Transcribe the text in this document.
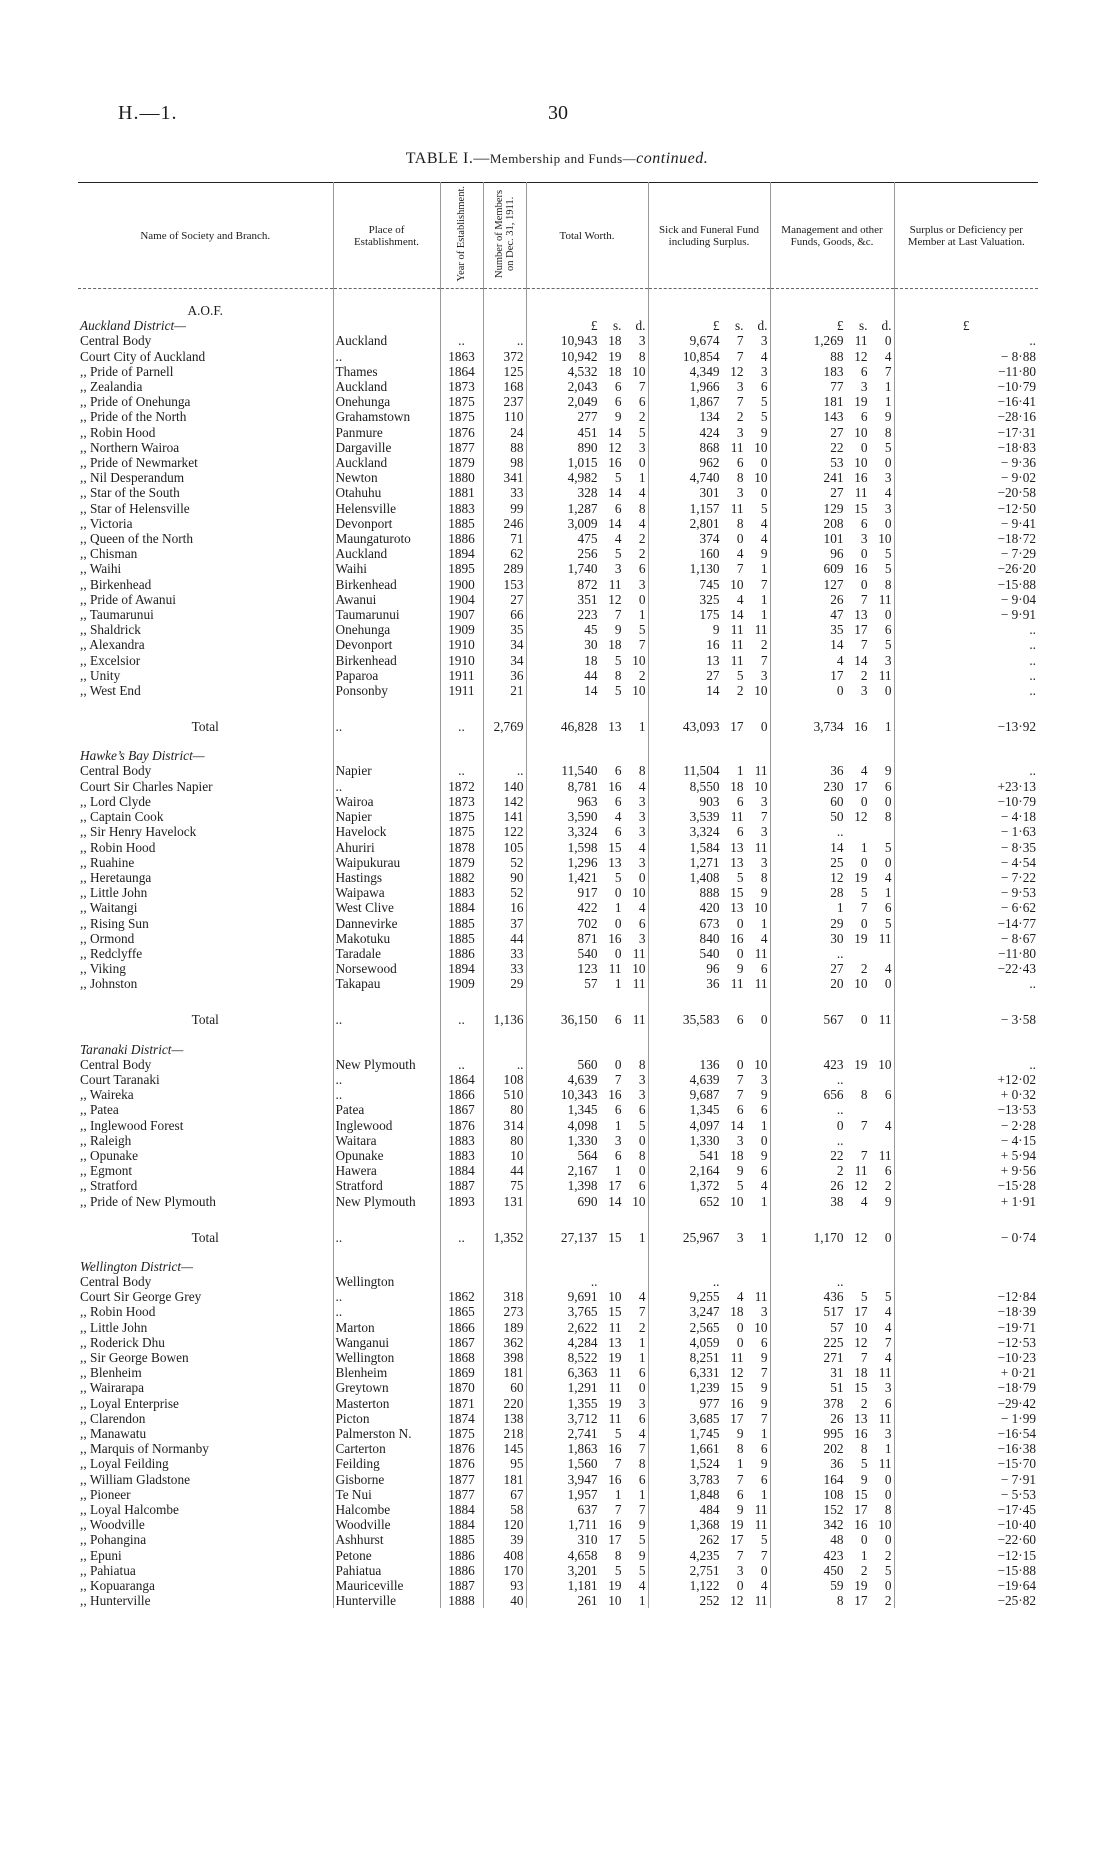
H.—1.	30
TABLE I.—Membership and Funds—continued.
Name of Society and Branch.	Place of Establishment.	Year of Establishment.	Number of Members on Dec. 31, 1911.	Total Worth.	Sick and Funeral Fund including Surplus.	Management and other Funds, Goods, &c.	Surplus or Deficiency per Member at Last Valuation.

A.O.F.							
Auckland District—				£ s. d.	£ s. d.	£ s. d.	£
Central Body	Auckland	..	..	10,943 18 3	9,674 7 3	1,269 11 0	..
Court City of Auckland	..	1863	372	10,942 19 8	10,854 7 4	88 12 4	− 8·88
,, Pride of Parnell	Thames	1864	125	4,532 18 10	4,349 12 3	183 6 7	−11·80
,, Zealandia	Auckland	1873	168	2,043 6 7	1,966 3 6	77 3 1	−10·79
,, Pride of Onehunga	Onehunga	1875	237	2,049 6 6	1,867 7 5	181 19 1	−16·41
,, Pride of the North	Grahamstown	1875	110	277 9 2	134 2 5	143 6 9	−28·16
,, Robin Hood	Panmure	1876	24	451 14 5	424 3 9	27 10 8	−17·31
,, Northern Wairoa	Dargaville	1877	88	890 12 3	868 11 10	22 0 5	−18·83
,, Pride of Newmarket	Auckland	1879	98	1,015 16 0	962 6 0	53 10 0	− 9·36
,, Nil Desperandum	Newton	1880	341	4,982 5 1	4,740 8 10	241 16 3	− 9·02
,, Star of the South	Otahuhu	1881	33	328 14 4	301 3 0	27 11 4	−20·58
,, Star of Helensville	Helensville	1883	99	1,287 6 8	1,157 11 5	129 15 3	−12·50
,, Victoria	Devonport	1885	246	3,009 14 4	2,801 8 4	208 6 0	− 9·41
,, Queen of the North	Maungaturoto	1886	71	475 4 2	374 0 4	101 3 10	−18·72
,, Chisman	Auckland	1894	62	256 5 2	160 4 9	96 0 5	− 7·29
,, Waihi	Waihi	1895	289	1,740 3 6	1,130 7 1	609 16 5	−26·20
,, Birkenhead	Birkenhead	1900	153	872 11 3	745 10 7	127 0 8	−15·88
,, Pride of Awanui	Awanui	1904	27	351 12 0	325 4 1	26 7 11	− 9·04
,, Taumarunui	Taumarunui	1907	66	223 7 1	175 14 1	47 13 0	− 9·91
,, Shaldrick	Onehunga	1909	35	45 9 5	9 11 11	35 17 6	..
,, Alexandra	Devonport	1910	34	30 18 7	16 11 2	14 7 5	..
,, Excelsior	Birkenhead	1910	34	18 5 10	13 11 7	4 14 3	..
,, Unity	Paparoa	1911	36	44 8 2	27 5 3	17 2 11	..
,, West End	Ponsonby	1911	21	14 5 10	14 2 10	0 3 0	..

Total	..	..	2,769	46,828 13 1	43,093 17 0	3,734 16 1	−13·92

Hawke’s Bay District—							
Central Body	Napier	..	..	11,540 6 8	11,504 1 11	36 4 9	..
Court Sir Charles Napier	..	1872	140	8,781 16 4	8,550 18 10	230 17 6	+23·13
,, Lord Clyde	Wairoa	1873	142	963 6 3	903 6 3	60 0 0	−10·79
,, Captain Cook	Napier	1875	141	3,590 4 3	3,539 11 7	50 12 8	− 4·18
,, Sir Henry Havelock	Havelock	1875	122	3,324 6 3	3,324 6 3	..	− 1·63
,, Robin Hood	Ahuriri	1878	105	1,598 15 4	1,584 13 11	14 1 5	− 8·35
,, Ruahine	Waipukurau	1879	52	1,296 13 3	1,271 13 3	25 0 0	− 4·54
,, Heretaunga	Hastings	1882	90	1,421 5 0	1,408 5 8	12 19 4	− 7·22
,, Little John	Waipawa	1883	52	917 0 10	888 15 9	28 5 1	− 9·53
,, Waitangi	West Clive	1884	16	422 1 4	420 13 10	1 7 6	− 6·62
,, Rising Sun	Dannevirke	1885	37	702 0 6	673 0 1	29 0 5	−14·77
,, Ormond	Makotuku	1885	44	871 16 3	840 16 4	30 19 11	− 8·67
,, Redclyffe	Taradale	1886	33	540 0 11	540 0 11	..	−11·80
,, Viking	Norsewood	1894	33	123 11 10	96 9 6	27 2 4	−22·43
,, Johnston	Takapau	1909	29	57 1 11	36 11 11	20 10 0	..

Total	..	..	1,136	36,150 6 11	35,583 6 0	567 0 11	− 3·58

Taranaki District—							
Central Body	New Plymouth	..	..	560 0 8	136 0 10	423 19 10	..
Court Taranaki	..	1864	108	4,639 7 3	4,639 7 3	..	+12·02
,, Waireka	..	1866	510	10,343 16 3	9,687 7 9	656 8 6	+ 0·32
,, Patea	Patea	1867	80	1,345 6 6	1,345 6 6	..	−13·53
,, Inglewood Forest	Inglewood	1876	314	4,098 1 5	4,097 14 1	0 7 4	− 2·28
,, Raleigh	Waitara	1883	80	1,330 3 0	1,330 3 0	..	− 4·15
,, Opunake	Opunake	1883	10	564 6 8	541 18 9	22 7 11	+ 5·94
,, Egmont	Hawera	1884	44	2,167 1 0	2,164 9 6	2 11 6	+ 9·56
,, Stratford	Stratford	1887	75	1,398 17 6	1,372 5 4	26 12 2	−15·28
,, Pride of New Plymouth	New Plymouth	1893	131	690 14 10	652 10 1	38 4 9	+ 1·91

Total	..	..	1,352	27,137 15 1	25,967 3 1	1,170 12 0	− 0·74

Wellington District—							
Central Body	Wellington			..	..	..	

Court Sir George Grey	..	1862	318	9,691 10 4	9,255 4 11	436 5 5	−12·84
,, Robin Hood	..	1865	273	3,765 15 7	3,247 18 3	517 17 4	−18·39
,, Little John	Marton	1866	189	2,622 11 2	2,565 0 10	57 10 4	−19·71
,, Roderick Dhu	Wanganui	1867	362	4,284 13 1	4,059 0 6	225 12 7	−12·53
,, Sir George Bowen	Wellington	1868	398	8,522 19 1	8,251 11 9	271 7 4	−10·23
,, Blenheim	Blenheim	1869	181	6,363 11 6	6,331 12 7	31 18 11	+ 0·21
,, Wairarapa	Greytown	1870	60	1,291 11 0	1,239 15 9	51 15 3	−18·79
,, Loyal Enterprise	Masterton	1871	220	1,355 19 3	977 16 9	378 2 6	−29·42
,, Clarendon	Picton	1874	138	3,712 11 6	3,685 17 7	26 13 11	− 1·99
,, Manawatu	Palmerston N.	1875	218	2,741 5 4	1,745 9 1	995 16 3	−16·54
,, Marquis of Normanby	Carterton	1876	145	1,863 16 7	1,661 8 6	202 8 1	−16·38
,, Loyal Feilding	Feilding	1876	95	1,560 7 8	1,524 1 9	36 5 11	−15·70
,, William Gladstone	Gisborne	1877	181	3,947 16 6	3,783 7 6	164 9 0	− 7·91
,, Pioneer	Te Nui	1877	67	1,957 1 1	1,848 6 1	108 15 0	− 5·53
,, Loyal Halcombe	Halcombe	1884	58	637 7 7	484 9 11	152 17 8	−17·45
,, Woodville	Woodville	1884	120	1,711 16 9	1,368 19 11	342 16 10	−10·40
,, Pohangina	Ashhurst	1885	39	310 17 5	262 17 5	48 0 0	−22·60
,, Epuni	Petone	1886	408	4,658 8 9	4,235 7 7	423 1 2	−12·15
,, Pahiatua	Pahiatua	1886	170	3,201 5 5	2,751 3 0	450 2 5	−15·88
,, Kopuaranga	Mauriceville	1887	93	1,181 19 4	1,122 0 4	59 19 0	−19·64
,, Hunterville	Hunterville	1888	40	261 10 1	252 12 11	8 17 2	−25·82
